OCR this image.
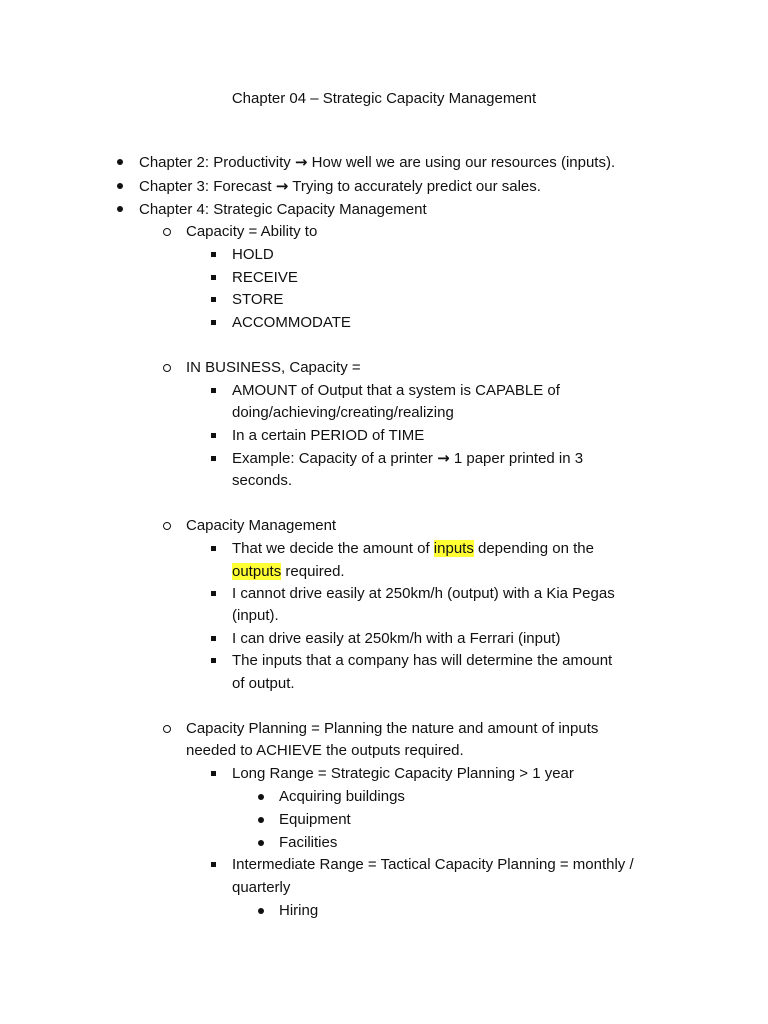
Chapter 04 – Strategic Capacity Management
Chapter 2: Productivity → How well we are using our resources (inputs).
Chapter 3: Forecast → Trying to accurately predict our sales.
Chapter 4: Strategic Capacity Management
Capacity = Ability to
HOLD
RECEIVE
STORE
ACCOMMODATE
IN BUSINESS, Capacity =
AMOUNT of Output that a system is CAPABLE of
doing/achieving/creating/realizing
In a certain PERIOD of TIME
Example: Capacity of a printer → 1 paper printed in 3
seconds.
Capacity Management
That we decide the amount of inputs depending on the
outputs required.
I cannot drive easily at 250km/h (output) with a Kia Pegas
(input).
I can drive easily at 250km/h with a Ferrari (input)
The inputs that a company has will determine the amount
of output.
Capacity Planning = Planning the nature and amount of inputs
needed to ACHIEVE the outputs required.
Long Range = Strategic Capacity Planning > 1 year
Acquiring buildings
Equipment
Facilities
Intermediate Range = Tactical Capacity Planning = monthly /
quarterly
Hiring
